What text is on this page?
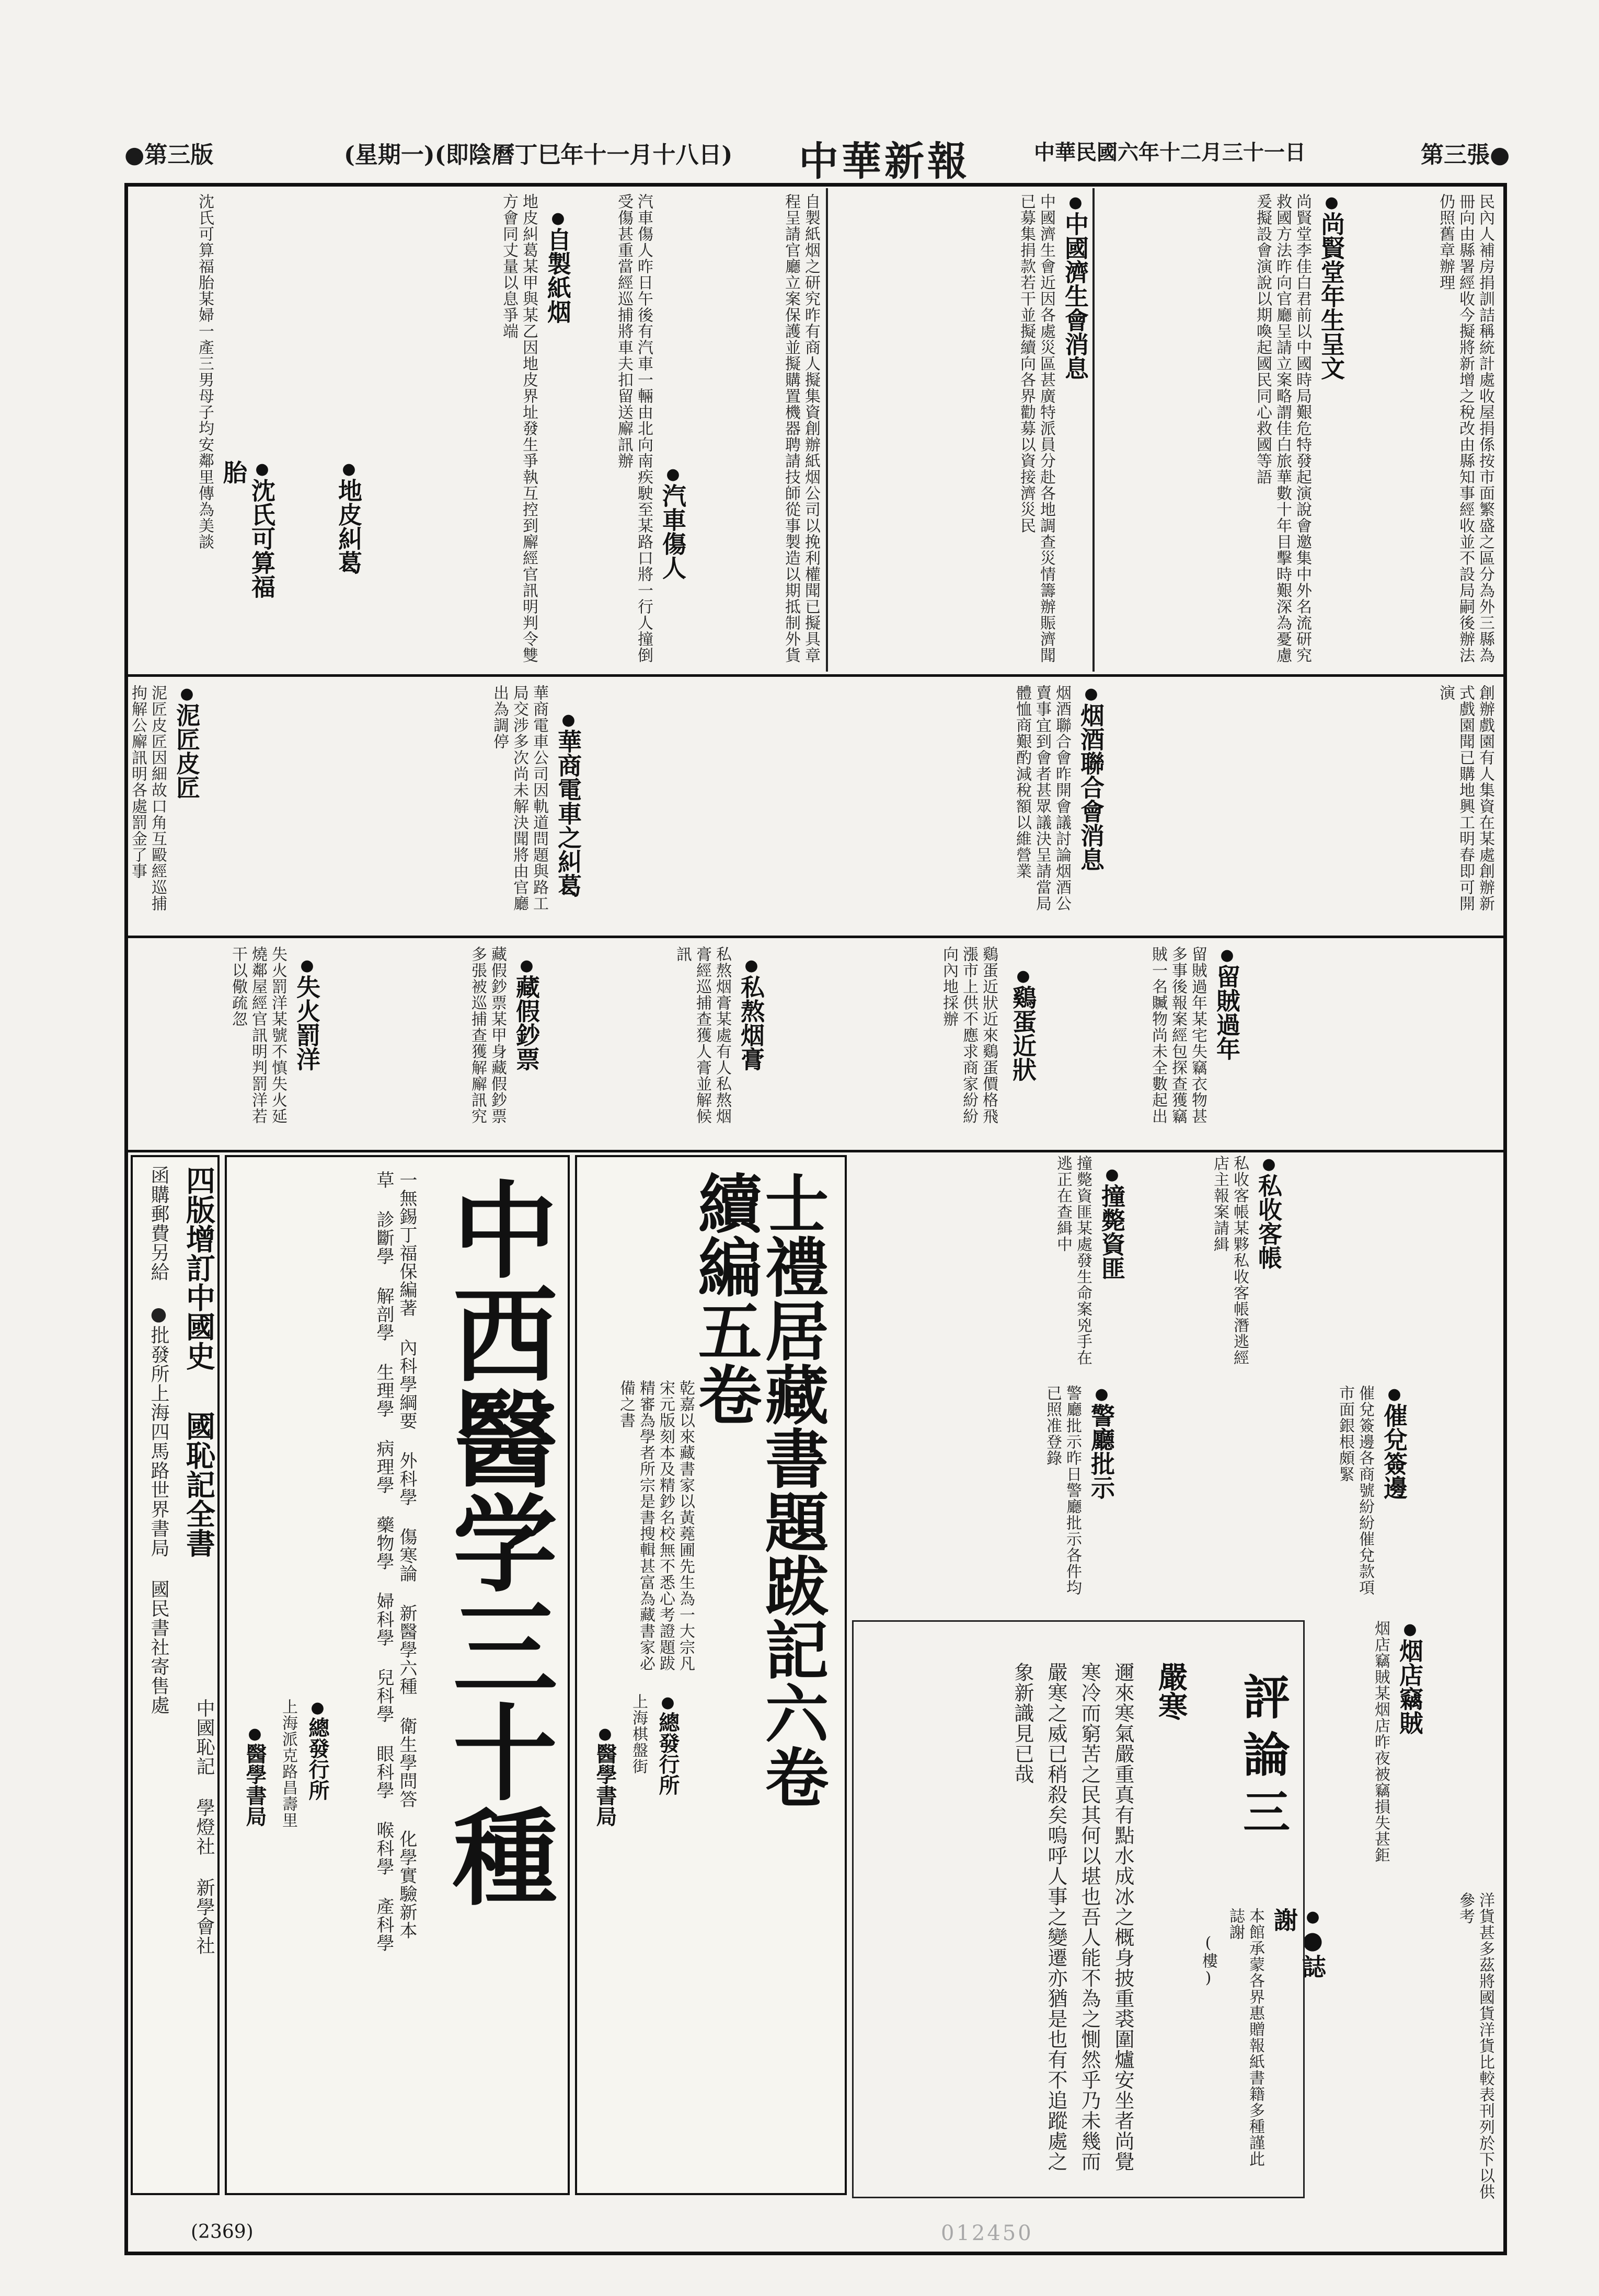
第三張●
中華民國六年十二月三十一日
中華新報
(星期一)(即陰曆丁巳年十一月十八日)
●第三版
● 尚賢堂年生呈文	民內人補房捐訓詰稱統計處收屋捐係按市面繁盛之區分為外三縣為冊向由縣署經收今擬將新增之稅改由縣知事經收並不設局嗣後辦法仍照舊章辦理
尚賢堂李佳白君前以中國時局艱危特發起演說會邀集中外名流研究救國方法昨向官廳呈請立案略謂佳白旅華數十年目擊時艱深為憂慮爰擬設會演說以期喚起國民同心救國等語
● 中國濟生會消息
中國濟生會近因各處災區甚廣特派員分赴各地調查災情籌辦賑濟聞已募集捐款若干並擬續向各界勸募以資接濟災民
自製紙烟之研究昨有商人擬集資創辦紙烟公司以挽利權聞已擬具章程呈請官廳立案保護並擬購置機器聘請技師從事製造以期抵制外貨
● 汽車傷人
汽車傷人昨日午後有汽車一輛由北向南疾駛至某路口將一行人撞倒受傷甚重當經巡捕將車夫扣留送廨訊辦
● 自製紙烟
地皮糾葛某甲與某乙因地皮界址發生爭執互控到廨經官訊明判令雙方會同丈量以息爭端
● 地皮糾葛
● 沈氏可算福胎
沈氏可算福胎某婦一產三男母子均安鄰里傳為美談
創辦戲園有人集資在某處創辦新式戲園聞已購地興工明春即可開演
● 烟酒聯合會消息
烟酒聯合會昨開會議討論烟酒公賣事宜到會者甚眾議決呈請當局體恤商艱酌減稅額以維營業
● 華商電車之糾葛
華商電車公司因軌道問題與路工局交涉多次尚未解決聞將由官廳出為調停
● 泥匠皮匠
泥匠皮匠因細故口角互毆經巡捕拘解公廨訊明各處罰金了事
● 留賊過年
留賊過年某宅失竊衣物甚多事後報案經包探查獲竊賊一名贓物尚未全數起出
鷄蛋近狀近來鷄蛋價格飛漲市上供不應求商家紛紛向內地採辦
●	鷄蛋近狀
● 私熬烟膏
私熬烟膏某處有人私熬烟膏經巡捕查獲人膏並解候訊
● 藏假鈔票
藏假鈔票某甲身藏假鈔票多張被巡捕查獲解廨訊究
● 失火罰洋
失火罰洋某號不慎失火延燒鄰屋經官訊明判罰洋若干以儆疏忽
● 私收客帳
私收客帳某夥私收客帳潛逃經店主報案請緝
● 撞斃資匪
撞斃資匪某處發生命案兇手在逃正在查緝中
● 催兌簽邊
催兌簽邊各商號紛紛催兌款項市面銀根頗緊
● 警廳批示
警廳批示昨日警廳批示各件均已照准登錄
● 烟店竊賊
烟店竊賊某烟店昨夜被竊損失甚鉅
洋貨甚多茲將國貨洋貨比較表刊列於下以供參考
● ●誌謝
本館承蒙各界惠贈報紙書籍多種謹此誌謝
評論三
(樓)
嚴寒
邇來寒氣嚴重真有點水成冰之概身披重裘圍爐安坐者尚覺寒冷而窮苦之民其何以堪也吾人能不為之惻然乎乃未幾而嚴寒之威已稍殺矣嗚呼人事之變遷亦猶是也有不追蹤處之象新識見已哉
士禮居藏書題跋記六卷
續編五卷
乾嘉以來藏書家以黃蕘圃先生為一大宗凡宋元版刻本及精鈔名校無不悉心考證題跋精審為學者所宗是書搜輯甚富為藏書家必備之書
● 總發行所
上海棋盤街
● 醫學書局
中西醫学三十種
一無錫丁福保編著 內科學綱要 外科學 傷寒論 新醫學六種 衛生學問答 化學實驗新本草 診斷學 解剖學 生理學 病理學 藥物學 婦科學 兒科學 眼科學 喉科學 產科學
● 總發行所
上海派克路昌壽里
● 醫學書局
四版增訂中國史
國恥記全書
函購郵費另給 ●批發所上海四馬路世界書局 國民書社寄售處
中國恥記 學燈社 新學會社
(2369)	012450
